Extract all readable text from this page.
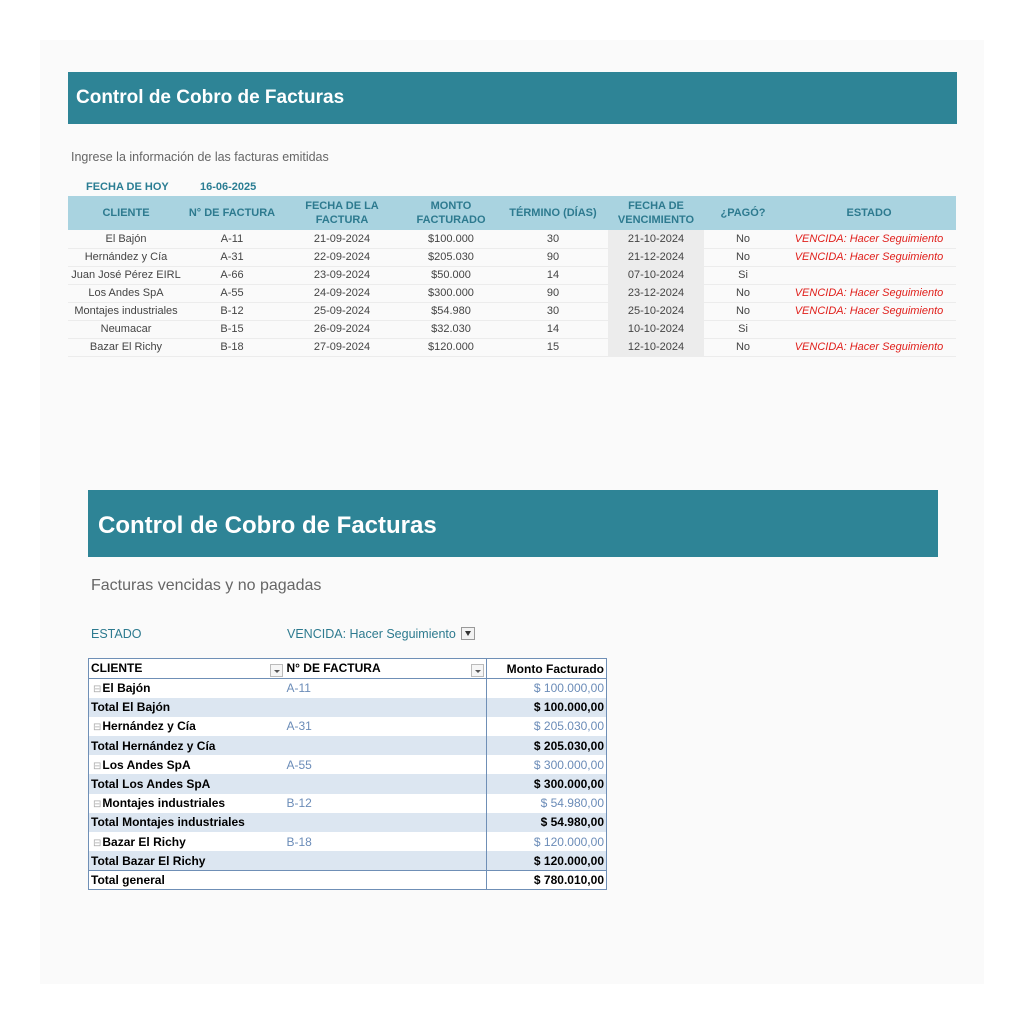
Control de Cobro de Facturas
Ingrese la información de las facturas emitidas
FECHA DE HOY	16-06-2025
CLIENTE	N° DE FACTURA	FECHA DE LA FACTURA	MONTO FACTURADO	TÉRMINO (DÍAS)	FECHA DE VENCIMIENTO	¿PAGÓ?	ESTADO
El Bajón	A-11	21-09-2024	$100.000	30	21-10-2024	No	VENCIDA: Hacer Seguimiento
Hernández y Cía	A-31	22-09-2024	$205.030	90	21-12-2024	No	VENCIDA: Hacer Seguimiento
Juan José Pérez EIRL	A-66	23-09-2024	$50.000	14	07-10-2024	Si	
Los Andes SpA	A-55	24-09-2024	$300.000	90	23-12-2024	No	VENCIDA: Hacer Seguimiento
Montajes industriales	B-12	25-09-2024	$54.980	30	25-10-2024	No	VENCIDA: Hacer Seguimiento
Neumacar	B-15	26-09-2024	$32.030	14	10-10-2024	Si	
Bazar El Richy	B-18	27-09-2024	$120.000	15	12-10-2024	No	VENCIDA: Hacer Seguimiento
Control de Cobro de Facturas
Facturas vencidas y no pagadas
ESTADO	VENCIDA: Hacer Seguimiento
CLIENTE	N° DE FACTURA	Monto Facturado
⊟El Bajón	A-11	$ 100.000,00
Total El Bajón		$ 100.000,00
⊟Hernández y Cía	A-31	$ 205.030,00
Total Hernández y Cía		$ 205.030,00
⊟Los Andes SpA	A-55	$ 300.000,00
Total Los Andes SpA		$ 300.000,00
⊟Montajes industriales	B-12	$ 54.980,00
Total Montajes industriales		$ 54.980,00
⊟Bazar El Richy	B-18	$ 120.000,00
Total Bazar El Richy		$ 120.000,00
Total general		$ 780.010,00
